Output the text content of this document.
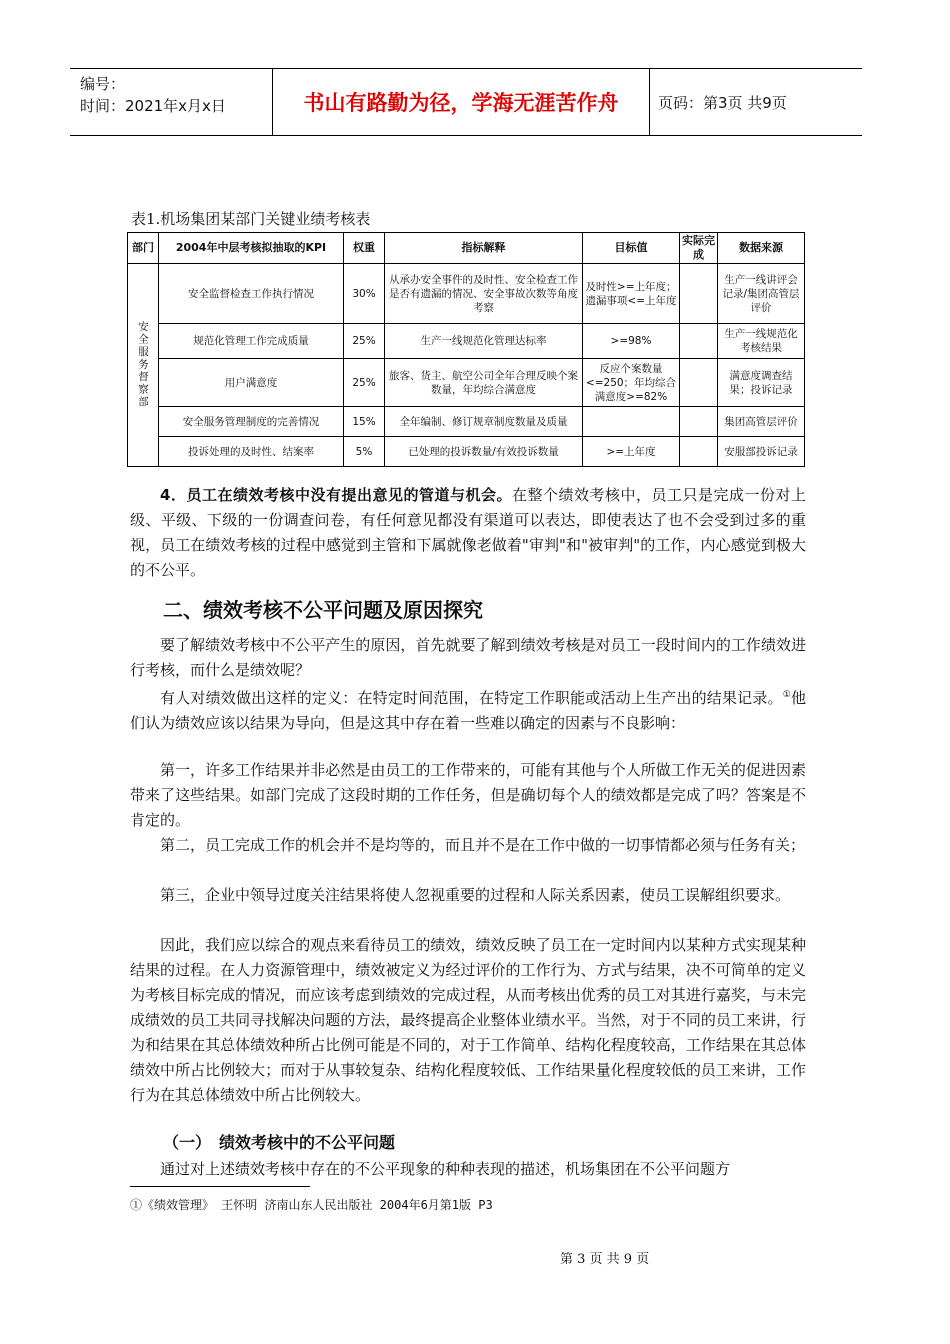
编号：
时间：2021年x月x日	书山有路勤为径，学海无涯苦作舟	页码：第3页 共9页
表1.机场集团某部门关键业绩考核表
部门	2004年中层考核拟抽取的KPI	权重	指标解释	目标值	实际完成	数据来源
安全服务督察部	安全监督检查工作执行情况	30%	从承办安全事件的及时性、安全检查工作是否有遗漏的情况、安全事故次数等角度考察	及时性>=上年度；遗漏事项<=上年度		生产一线讲评会记录/集团高管层评价
	规范化管理工作完成质量	25%	生产一线规范化管理达标率	>=98%		生产一线规范化考核结果
	用户满意度	25%	旅客、货主、航空公司全年合理反映个案数量，年均综合满意度	反应个案数量<=250；年均综合满意度>=82%		满意度调查结果；投诉记录
	安全服务管理制度的完善情况	15%	全年编制、修订规章制度数量及质量			集团高管层评价
	投诉处理的及时性、结案率	5%	已处理的投诉数量/有效投诉数量	>=上年度		安服部投诉记录

4．员工在绩效考核中没有提出意见的管道与机会。在整个绩效考核中，员工只是完成一份对上级、平级、下级的一份调查问卷，有任何意见都没有渠道可以表达，即使表达了也不会受到过多的重视，员工在绩效考核的过程中感觉到主管和下属就像老做着"审判"和"被审判"的工作，内心感觉到极大的不公平。

二、绩效考核不公平问题及原因探究

要了解绩效考核中不公平产生的原因，首先就要了解到绩效考核是对员工一段时间内的工作绩效进行考核，而什么是绩效呢？

有人对绩效做出这样的定义：在特定时间范围，在特定工作职能或活动上生产出的结果记录。①他们认为绩效应该以结果为导向，但是这其中存在着一些难以确定的因素与不良影响：

第一，许多工作结果并非必然是由员工的工作带来的，可能有其他与个人所做工作无关的促进因素带来了这些结果。如部门完成了这段时期的工作任务，但是确切每个人的绩效都是完成了吗？答案是不肯定的。

第二，员工完成工作的机会并不是均等的，而且并不是在工作中做的一切事情都必须与任务有关；

第三，企业中领导过度关注结果将使人忽视重要的过程和人际关系因素，使员工误解组织要求。

因此，我们应以综合的观点来看待员工的绩效，绩效反映了员工在一定时间内以某种方式实现某种结果的过程。在人力资源管理中，绩效被定义为经过评价的工作行为、方式与结果，决不可简单的定义为考核目标完成的情况，而应该考虑到绩效的完成过程，从而考核出优秀的员工对其进行嘉奖，与未完成绩效的员工共同寻找解决问题的方法，最终提高企业整体业绩水平。当然，对于不同的员工来讲，行为和结果在其总体绩效种所占比例可能是不同的，对于工作简单、结构化程度较高，工作结果在其总体绩效中所占比例较大；而对于从事较复杂、结构化程度较低、工作结果量化程度较低的员工来讲，工作行为在其总体绩效中所占比例较大。

（一）　绩效考核中的不公平问题

通过对上述绩效考核中存在的不公平现象的种种表现的描述，机场集团在不公平问题方

①《绩效管理》 王怀明 济南山东人民出版社 2004年6月第1版 P3
第 3 页 共 9 页
